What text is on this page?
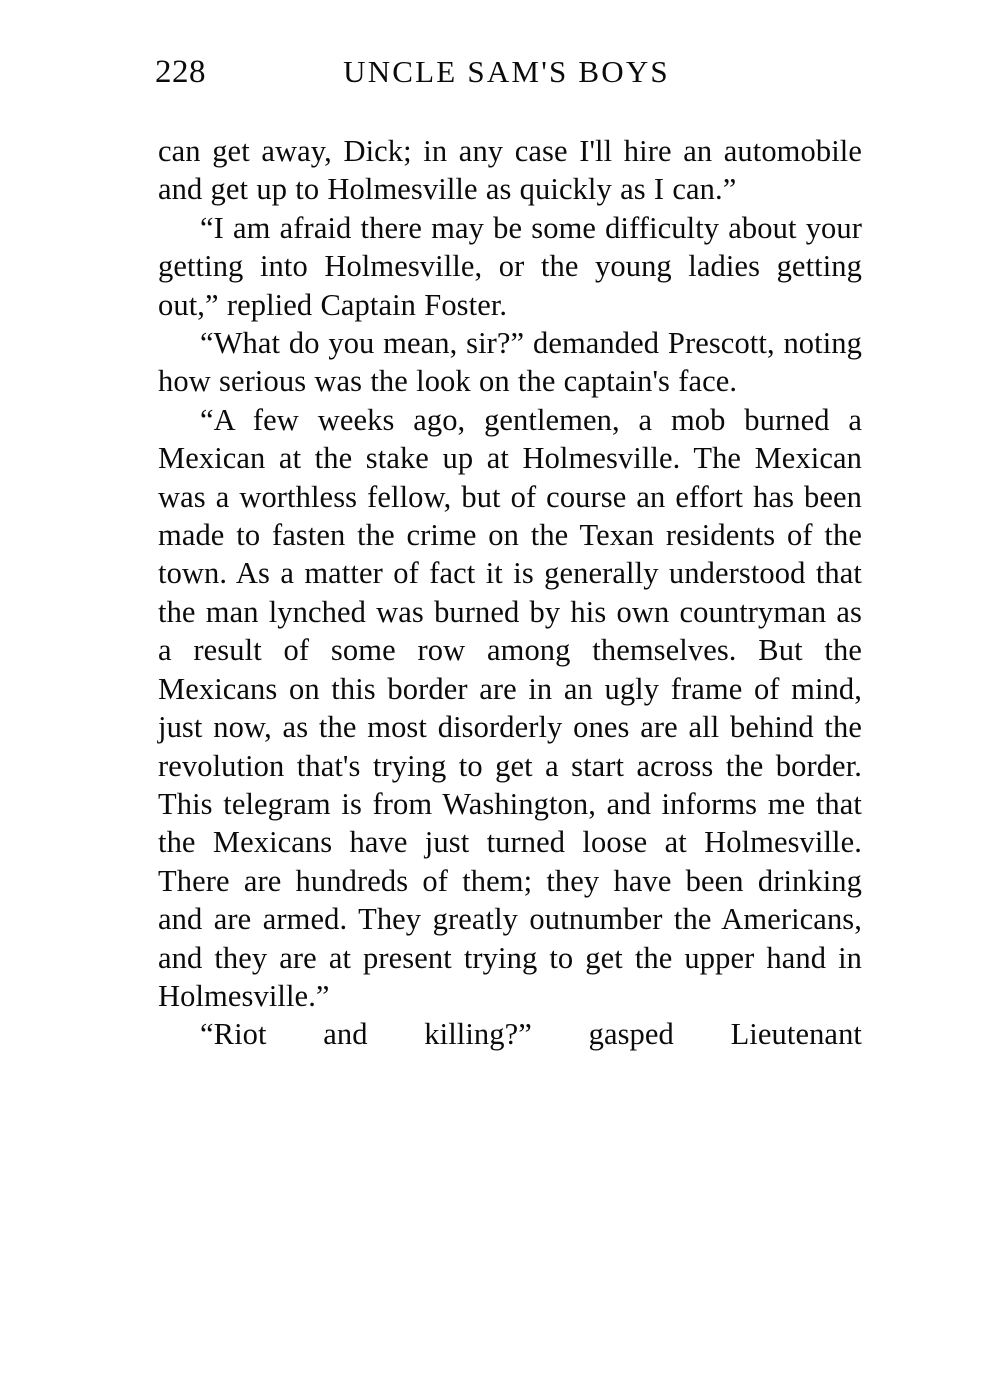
228	UNCLE SAM'S BOYS

can get away, Dick; in any case I'll hire an automobile and get up to Holmesville as quickly as I can.”

“I am afraid there may be some difficulty about your getting into Holmesville, or the young ladies getting out,” replied Captain Foster.

“What do you mean, sir?” demanded Prescott, noting how serious was the look on the captain's face.

“A few weeks ago, gentlemen, a mob burned a Mexican at the stake up at Holmesville. The Mexican was a worthless fellow, but of course an effort has been made to fasten the crime on the Texan residents of the town. As a matter of fact it is generally understood that the man lynched was burned by his own countryman as a result of some row among themselves. But the Mexicans on this border are in an ugly frame of mind, just now, as the most disorderly ones are all behind the revolution that's trying to get a start across the border. This telegram is from Washington, and informs me that the Mexicans have just turned loose at Holmesville. There are hundreds of them; they have been drinking and are armed. They greatly outnumber the Americans, and they are at present trying to get the upper hand in Holmesville.”

“Riot and killing?” gasped Lieutenant
